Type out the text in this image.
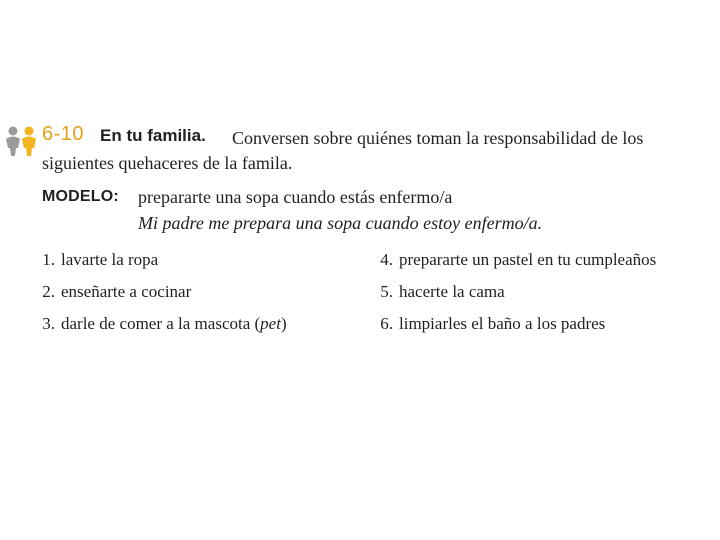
6-10 En tu familia. Conversen sobre quiénes toman la responsabilidad de los
siguientes quehaceres de la famila.
MODELO: prepararte una sopa cuando estás enfermo/a
Mi padre me prepara una sopa cuando estoy enfermo/a.
1. lavarte la ropa
2. enseñarte a cocinar
3. darle de comer a la mascota (pet)
4. prepararte un pastel en tu cumpleaños
5. hacerte la cama
6. limpiarles el baño a los padres
